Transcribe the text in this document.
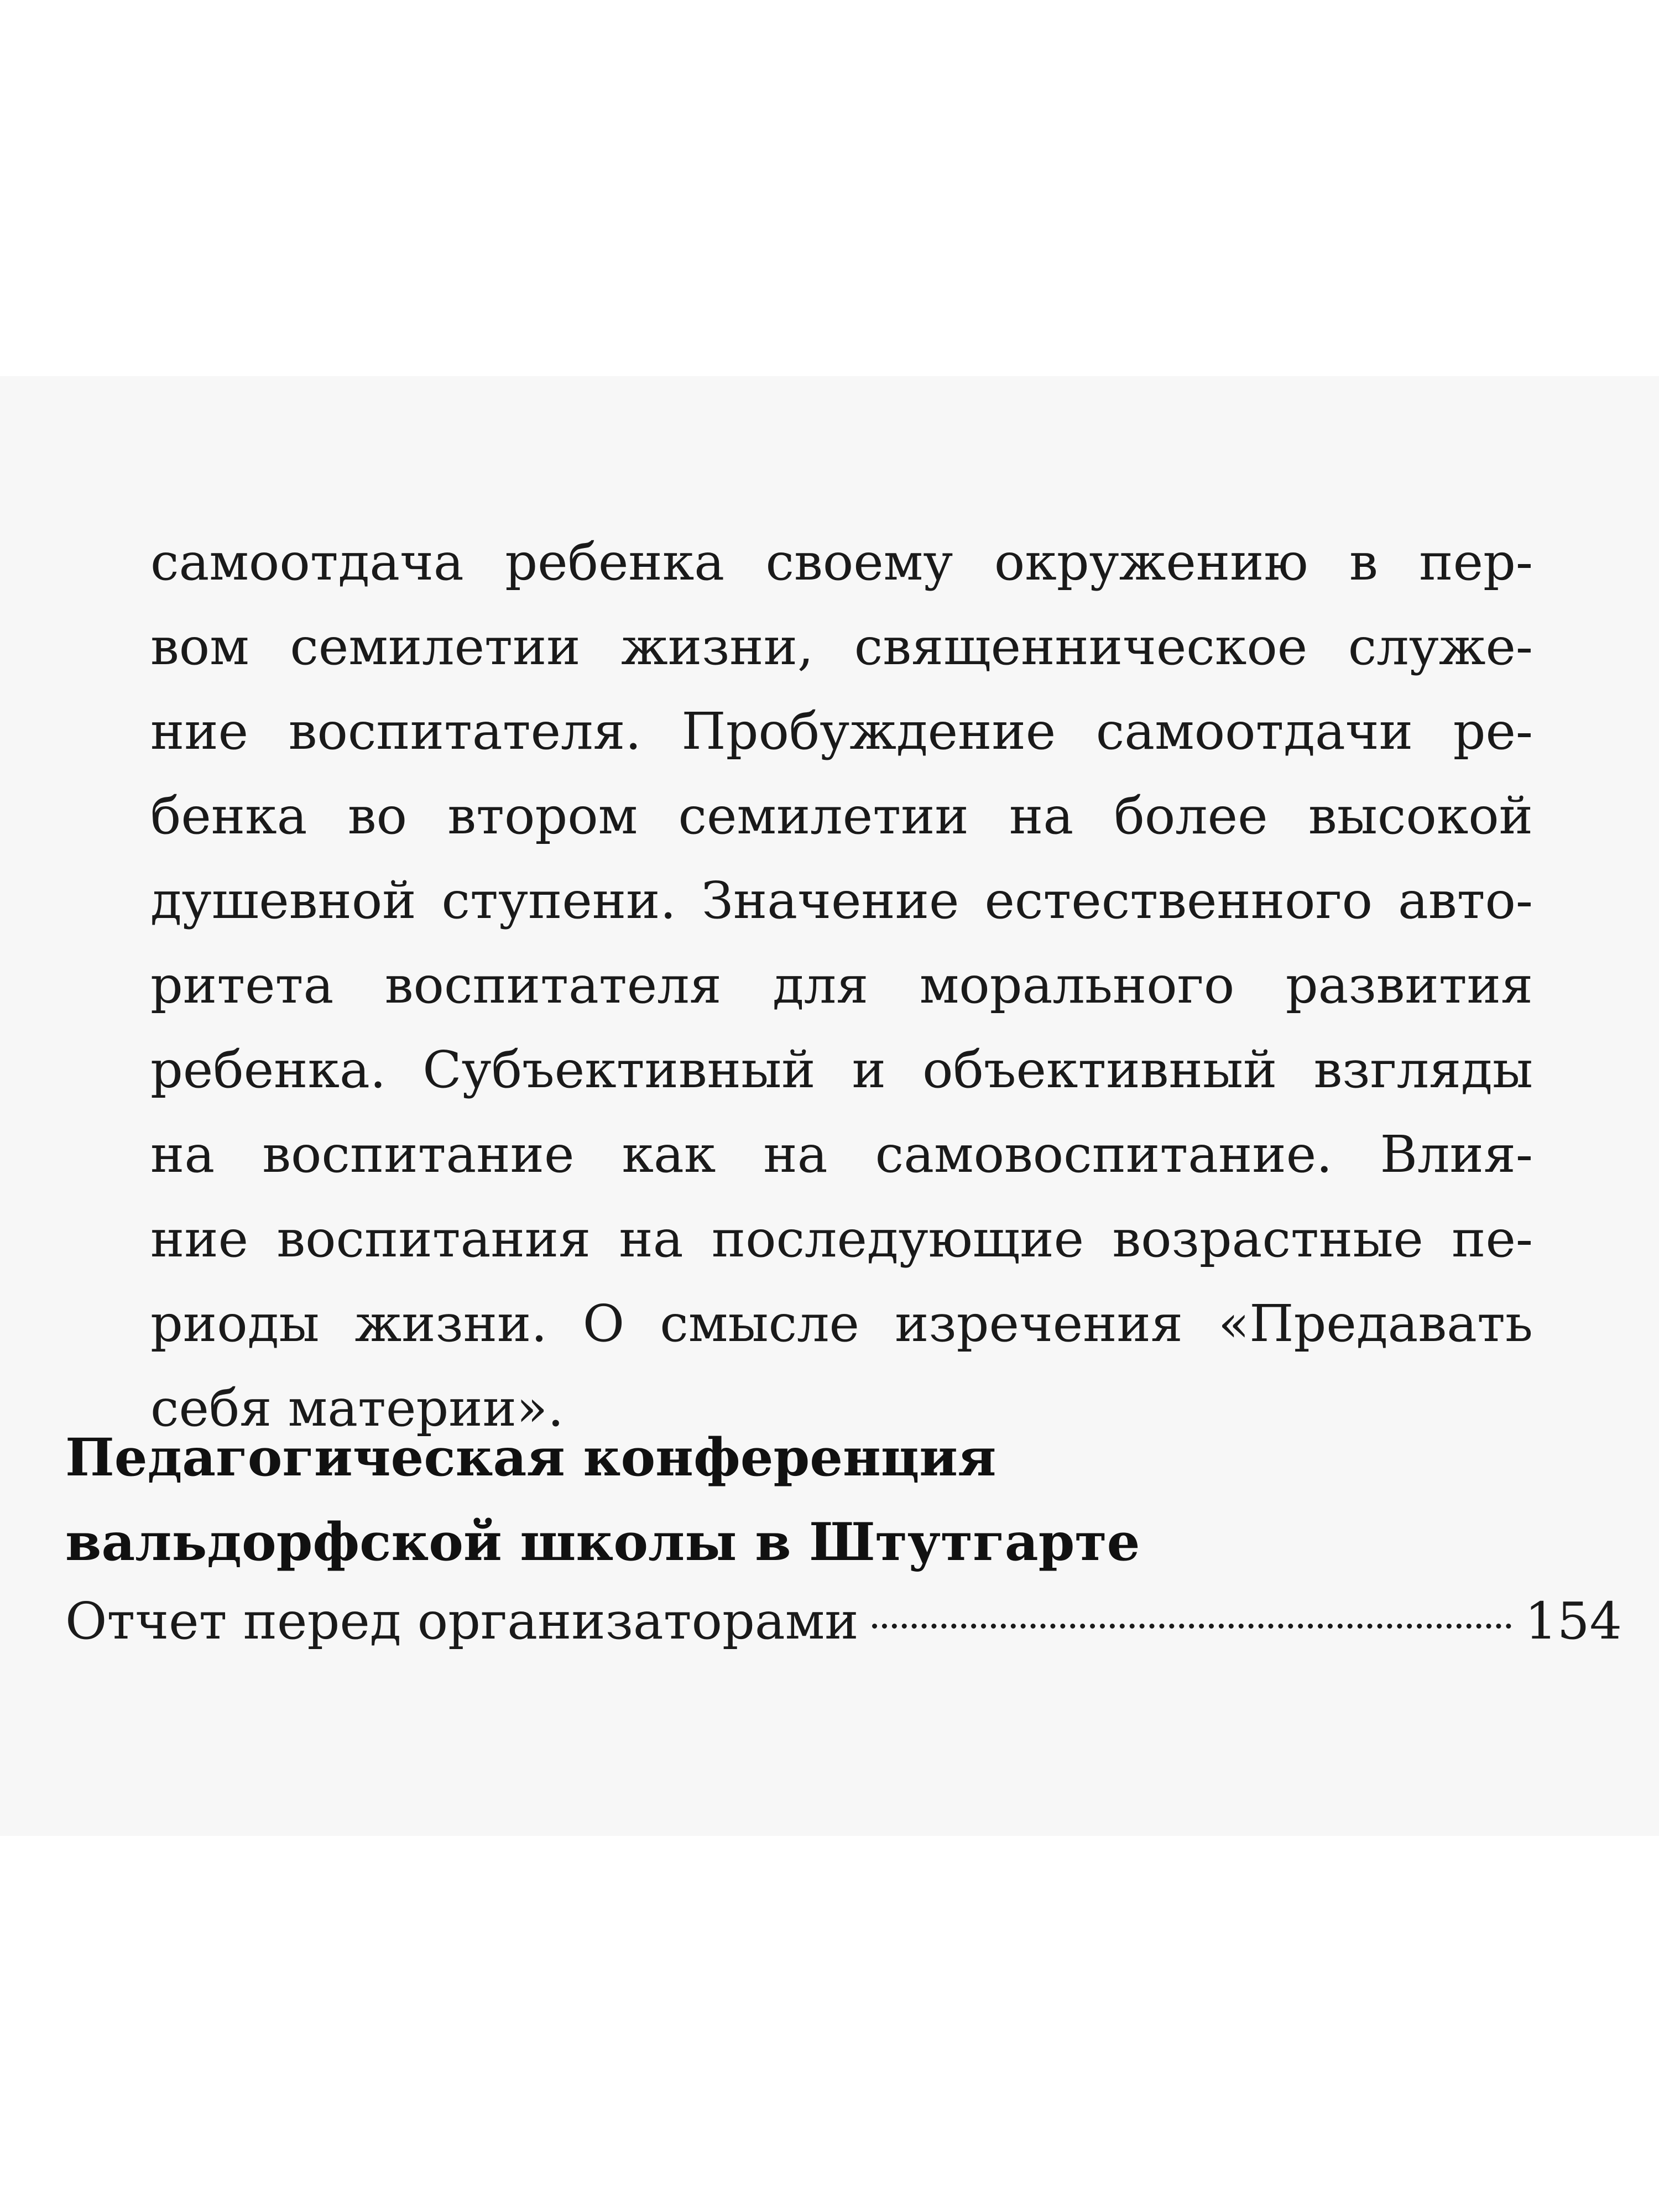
самоотдача ребенка своему окружению в пер-
вом семилетии жизни, священническое служе-
ние воспитателя. Пробуждение самоотдачи ре-
бенка во втором семилетии на более высокой
душевной ступени. Значение естественного авто-
ритета воспитателя для морального развития
ребенка. Субъективный и объективный взгляды
на воспитание как на самовоспитание. Влия-
ние воспитания на последующие возрастные пе-
риоды жизни. О смысле изречения «Предавать
себя материи».
Педагогическая конференция
вальдорфской школы в Штутгарте
Отчет перед организаторами	154
